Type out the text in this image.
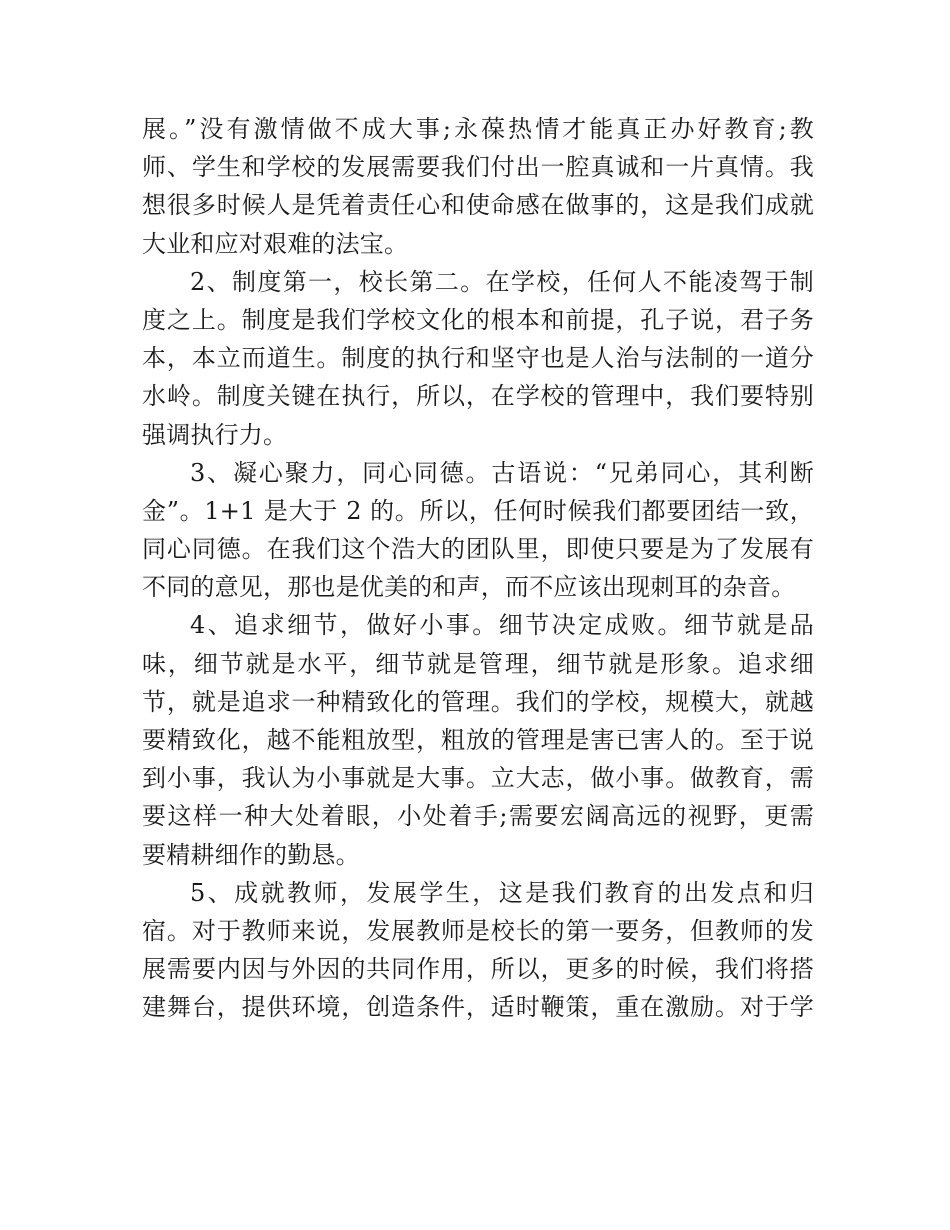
展。”没有激情做不成大事;永葆热情才能真正办好教育;教
师、学生和学校的发展需要我们付出一腔真诚和一片真情。我
想很多时候人是凭着责任心和使命感在做事的，这是我们成就
大业和应对艰难的法宝。
2、制度第一，校长第二。在学校，任何人不能凌驾于制
度之上。制度是我们学校文化的根本和前提，孔子说，君子务
本，本立而道生。制度的执行和坚守也是人治与法制的一道分
水岭。制度关键在执行，所以，在学校的管理中，我们要特别
强调执行力。
3、凝心聚力，同心同德。古语说：“兄弟同心，其利断
金”。1+1 是大于 2 的。所以，任何时候我们都要团结一致，
同心同德。在我们这个浩大的团队里，即使只要是为了发展有
不同的意见，那也是优美的和声，而不应该出现刺耳的杂音。
4、追求细节，做好小事。细节决定成败。细节就是品
味，细节就是水平，细节就是管理，细节就是形象。追求细
节，就是追求一种精致化的管理。我们的学校，规模大，就越
要精致化，越不能粗放型，粗放的管理是害已害人的。至于说
到小事，我认为小事就是大事。立大志，做小事。做教育，需
要这样一种大处着眼，小处着手;需要宏阔高远的视野，更需
要精耕细作的勤恳。
5、成就教师，发展学生，这是我们教育的出发点和归
宿。对于教师来说，发展教师是校长的第一要务，但教师的发
展需要内因与外因的共同作用，所以，更多的时候，我们将搭
建舞台，提供环境，创造条件，适时鞭策，重在激励。对于学
